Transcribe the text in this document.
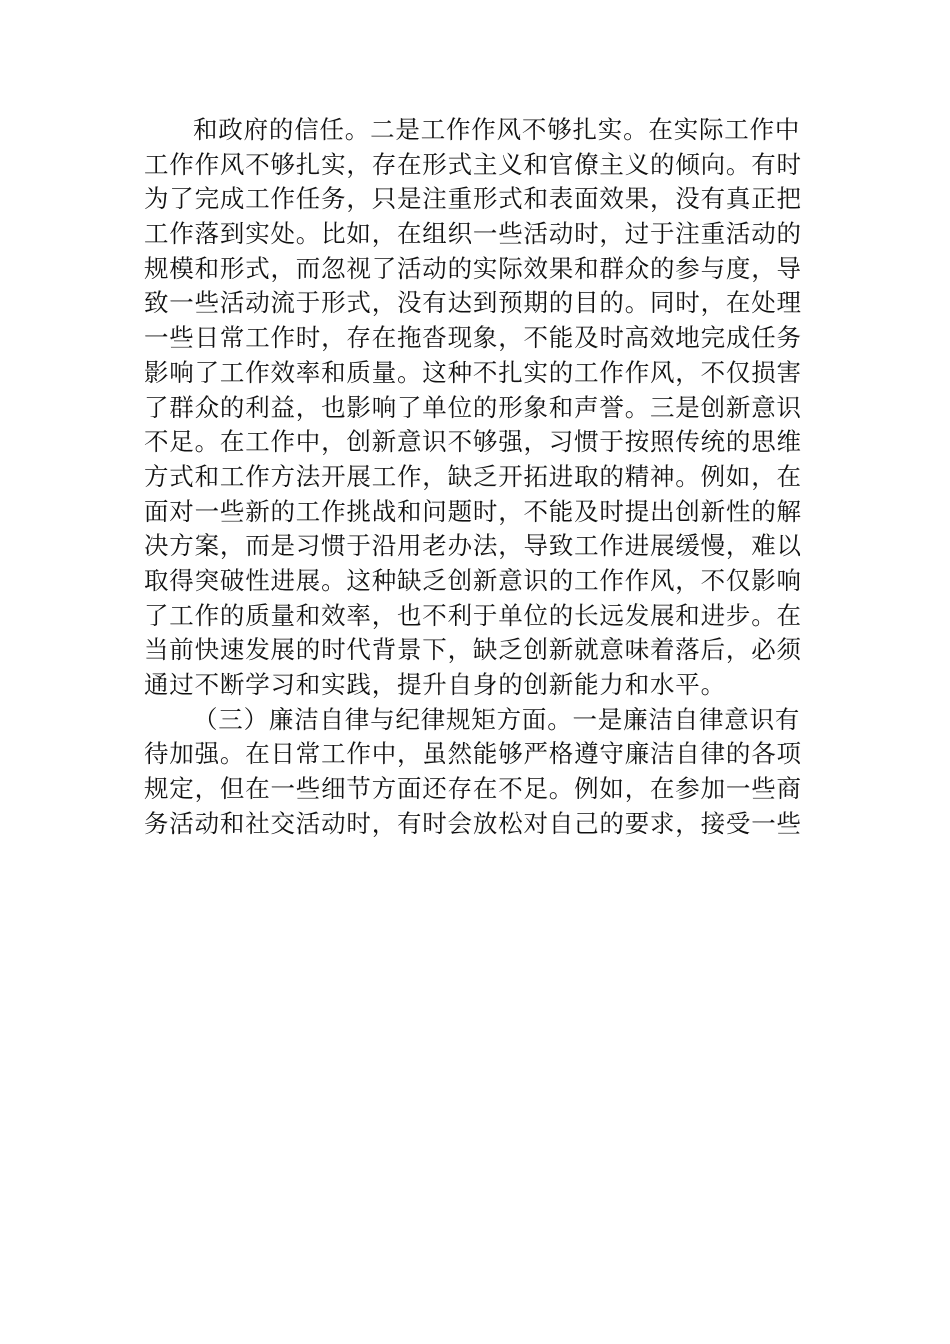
和政府的信任。二是工作作风不够扎实。在实际工作中
工作作风不够扎实，存在形式主义和官僚主义的倾向。有时
为了完成工作任务，只是注重形式和表面效果，没有真正把
工作落到实处。比如，在组织一些活动时，过于注重活动的
规模和形式，而忽视了活动的实际效果和群众的参与度，导
致一些活动流于形式，没有达到预期的目的。同时，在处理
一些日常工作时，存在拖沓现象，不能及时高效地完成任务
影响了工作效率和质量。这种不扎实的工作作风，不仅损害
了群众的利益，也影响了单位的形象和声誉。三是创新意识
不足。在工作中，创新意识不够强，习惯于按照传统的思维
方式和工作方法开展工作，缺乏开拓进取的精神。例如，在
面对一些新的工作挑战和问题时，不能及时提出创新性的解
决方案，而是习惯于沿用老办法，导致工作进展缓慢，难以
取得突破性进展。这种缺乏创新意识的工作作风，不仅影响
了工作的质量和效率，也不利于单位的长远发展和进步。在
当前快速发展的时代背景下，缺乏创新就意味着落后，必须
通过不断学习和实践，提升自身的创新能力和水平。
（三）廉洁自律与纪律规矩方面。一是廉洁自律意识有
待加强。在日常工作中，虽然能够严格遵守廉洁自律的各项
规定，但在一些细节方面还存在不足。例如，在参加一些商
务活动和社交活动时，有时会放松对自己的要求，接受一些
